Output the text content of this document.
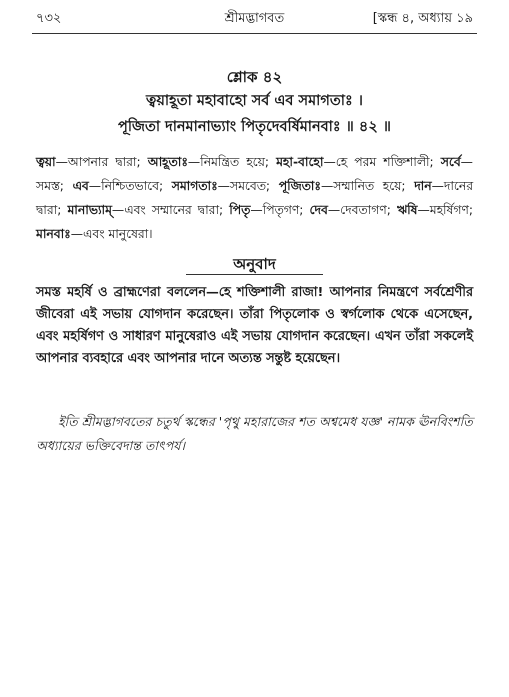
৭৩২	শ্রীমদ্ভাগবত	[স্কন্ধ ৪, অধ্যায় ১৯
শ্লোক ৪২
ত্বয়াহূতা মহাবাহো সর্ব এব সমাগতাঃ ।
পূজিতা দানমানাভ্যাং পিতৃদেবর্ষিমানবাঃ ॥ ৪২ ॥
ত্বয়া—আপনার দ্বারা; আহূতাঃ—নিমন্ত্রিত হয়ে; মহা-বাহো—হে পরম শক্তিশালী; সর্বে—সমস্ত; এব—নিশ্চিতভাবে; সমাগতাঃ—সমবেত; পূজিতাঃ—সম্মানিত হয়ে; দান—দানের দ্বারা; মানাভ্যাম্—এবং সম্মানের দ্বারা; পিতৃ—পিতৃগণ; দেব—দেবতাগণ; ঋষি—মহর্ষিগণ; মানবাঃ—এবং মানুষেরা।
অনুবাদ
সমস্ত মহর্ষি ও ব্রাহ্মণেরা বললেন—হে শক্তিশালী রাজা! আপনার নিমন্ত্রণে সর্বশ্রেণীর জীবেরা এই সভায় যোগদান করেছেন। তাঁরা পিতৃলোক ও স্বর্গলোক থেকে এসেছেন, এবং মহর্ষিগণ ও সাধারণ মানুষেরাও এই সভায় যোগদান করেছেন। এখন তাঁরা সকলেই আপনার ব্যবহারে এবং আপনার দানে অত্যন্ত সন্তুষ্ট হয়েছেন।
ইতি শ্রীমদ্ভাগবতের চতুর্থ স্কন্ধের 'পৃথু মহারাজের শত অশ্বমেধ যজ্ঞ' নামক ঊনবিংশতি অধ্যায়ের ভক্তিবেদান্ত তাৎপর্য।
